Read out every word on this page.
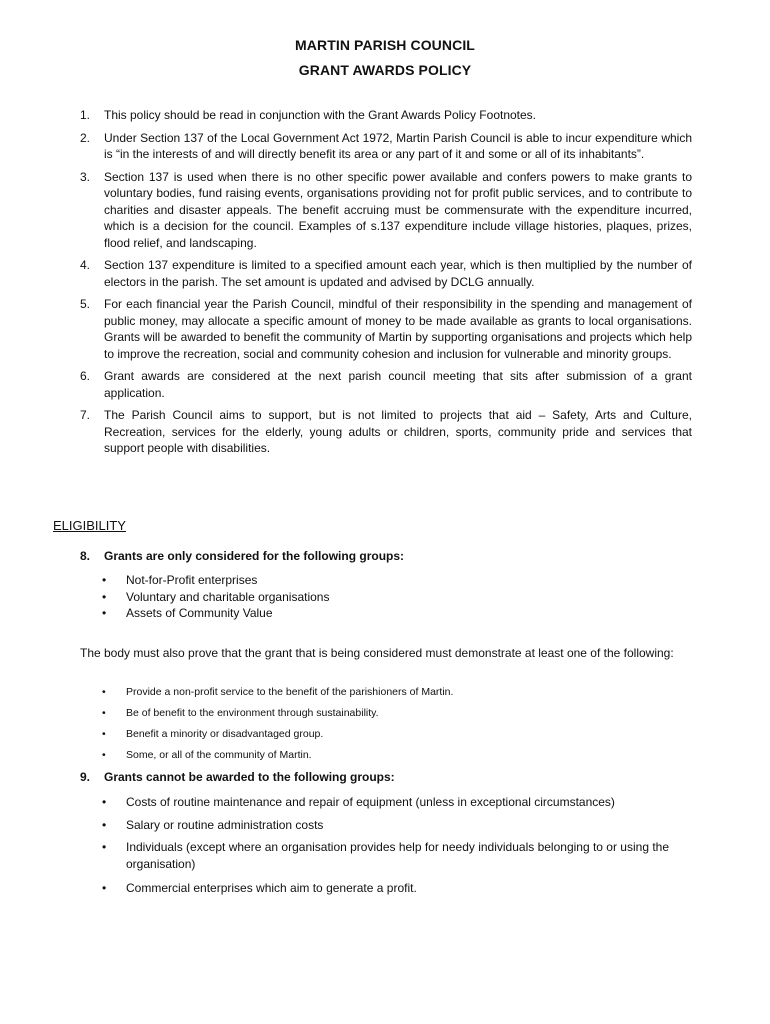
MARTIN PARISH COUNCIL
GRANT AWARDS POLICY
1. This policy should be read in conjunction with the Grant Awards Policy Footnotes.
2. Under Section 137 of the Local Government Act 1972, Martin Parish Council is able to incur expenditure which is “in the interests of and will directly benefit its area or any part of it and some or all of its inhabitants”.
3. Section 137 is used when there is no other specific power available and confers powers to make grants to voluntary bodies, fund raising events, organisations providing not for profit public services, and to contribute to charities and disaster appeals. The benefit accruing must be commensurate with the expenditure incurred, which is a decision for the council. Examples of s.137 expenditure include village histories, plaques, prizes, flood relief, and landscaping.
4. Section 137 expenditure is limited to a specified amount each year, which is then multiplied by the number of electors in the parish. The set amount is updated and advised by DCLG annually.
5. For each financial year the Parish Council, mindful of their responsibility in the spending and management of public money, may allocate a specific amount of money to be made available as grants to local organisations. Grants will be awarded to benefit the community of Martin by supporting organisations and projects which help to improve the recreation, social and community cohesion and inclusion for vulnerable and minority groups.
6. Grant awards are considered at the next parish council meeting that sits after submission of a grant application.
7. The Parish Council aims to support, but is not limited to projects that aid – Safety, Arts and Culture, Recreation, services for the elderly, young adults or children, sports, community pride and services that support people with disabilities.
ELIGIBILITY
8. Grants are only considered for the following groups:
• Not-for-Profit enterprises
• Voluntary and charitable organisations
• Assets of Community Value
The body must also prove that the grant that is being considered must demonstrate at least one of the following:
• Provide a non-profit service to the benefit of the parishioners of Martin.
• Be of benefit to the environment through sustainability.
• Benefit a minority or disadvantaged group.
• Some, or all of the community of Martin.
9. Grants cannot be awarded to the following groups:
• Costs of routine maintenance and repair of equipment (unless in exceptional circumstances)
• Salary or routine administration costs
• Individuals (except where an organisation provides help for needy individuals belonging to or using the organisation)
• Commercial enterprises which aim to generate a profit.
